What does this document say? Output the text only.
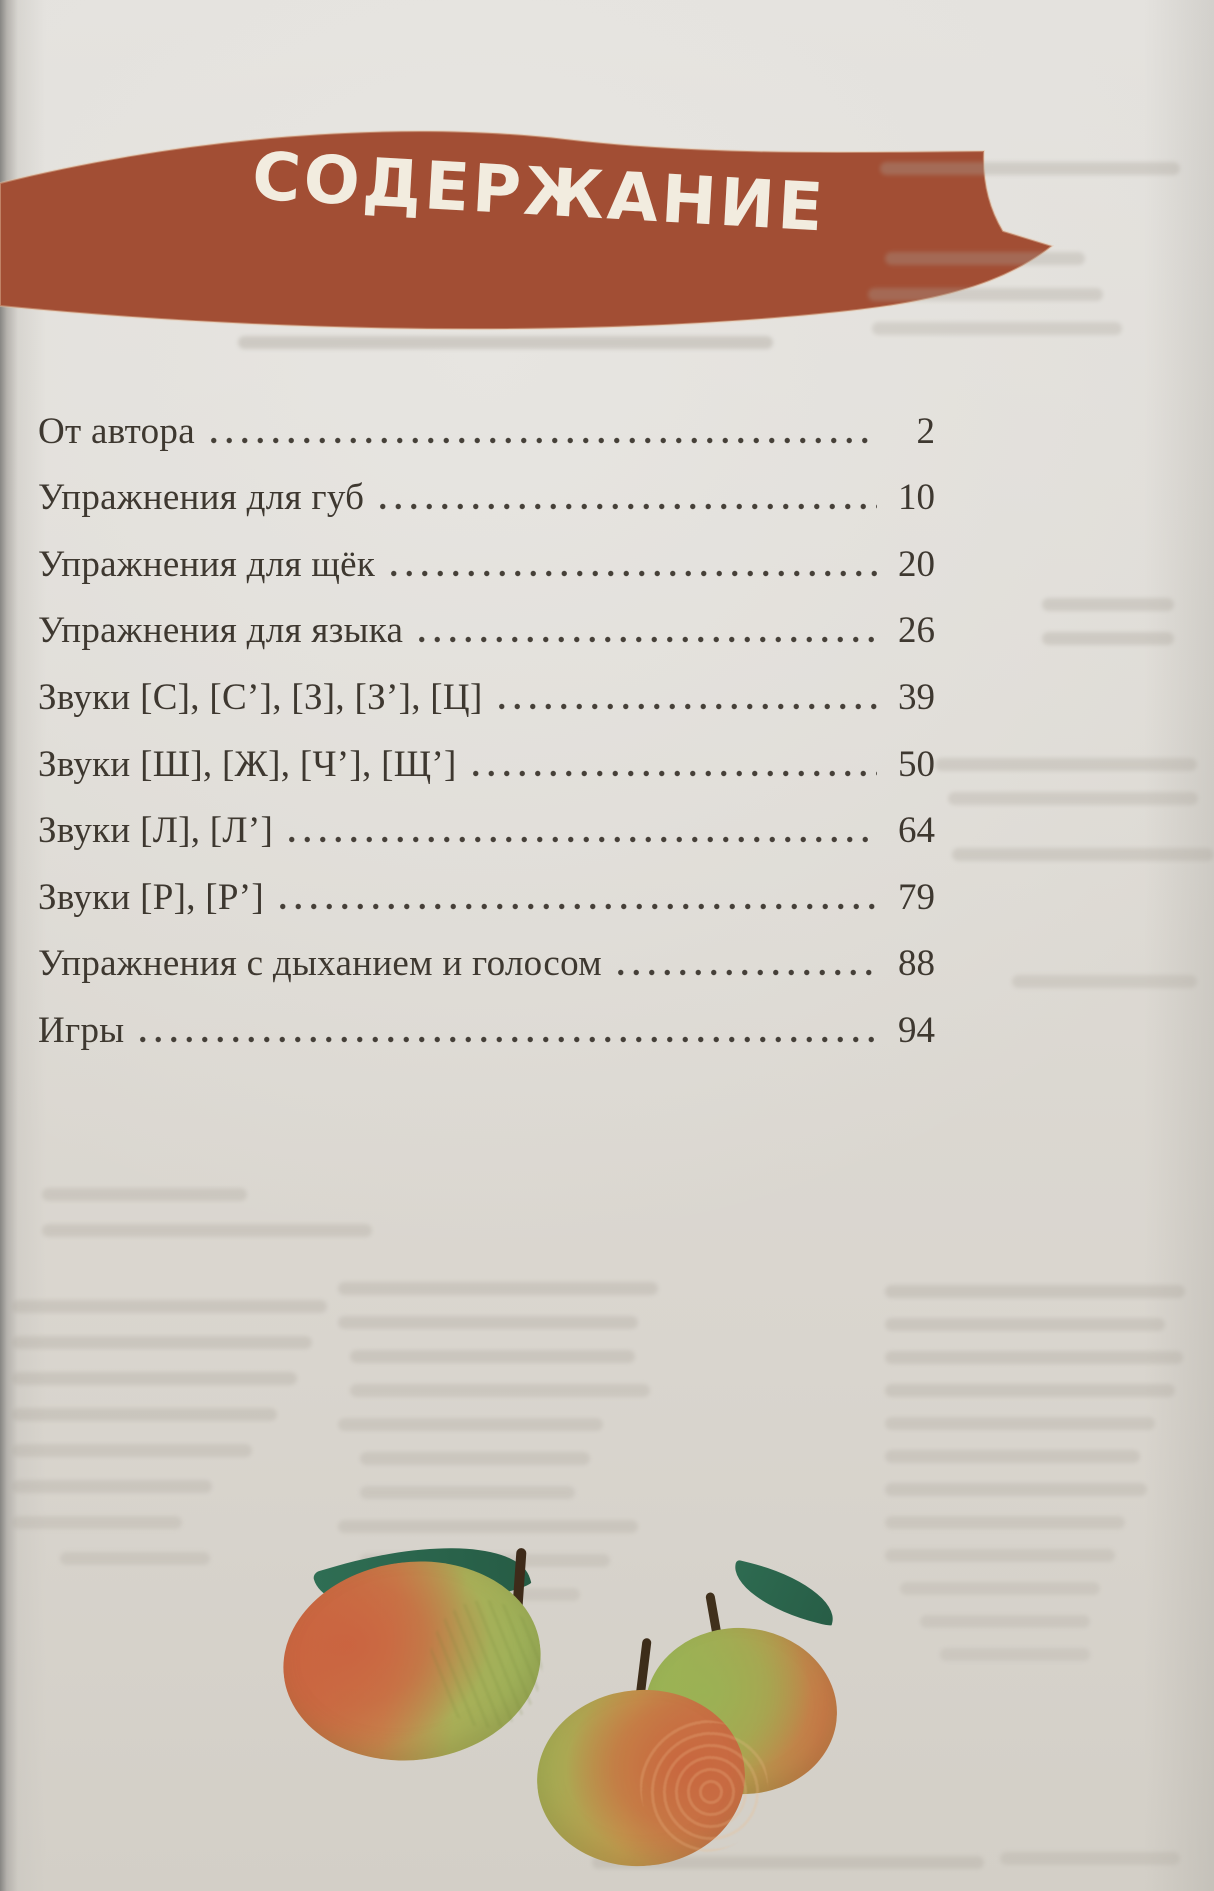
СОДЕРЖАНИЕ
От автора	2
Упражнения для губ	10
Упражнения для щёк	20
Упражнения для языка	26
Звуки [С], [С’], [З], [З’], [Ц]	39
Звуки [Ш], [Ж], [Ч’], [Щ’]	50
Звуки [Л], [Л’]	64
Звуки [Р], [Р’]	79
Упражнения с дыханием и голосом	88
Игры	94
